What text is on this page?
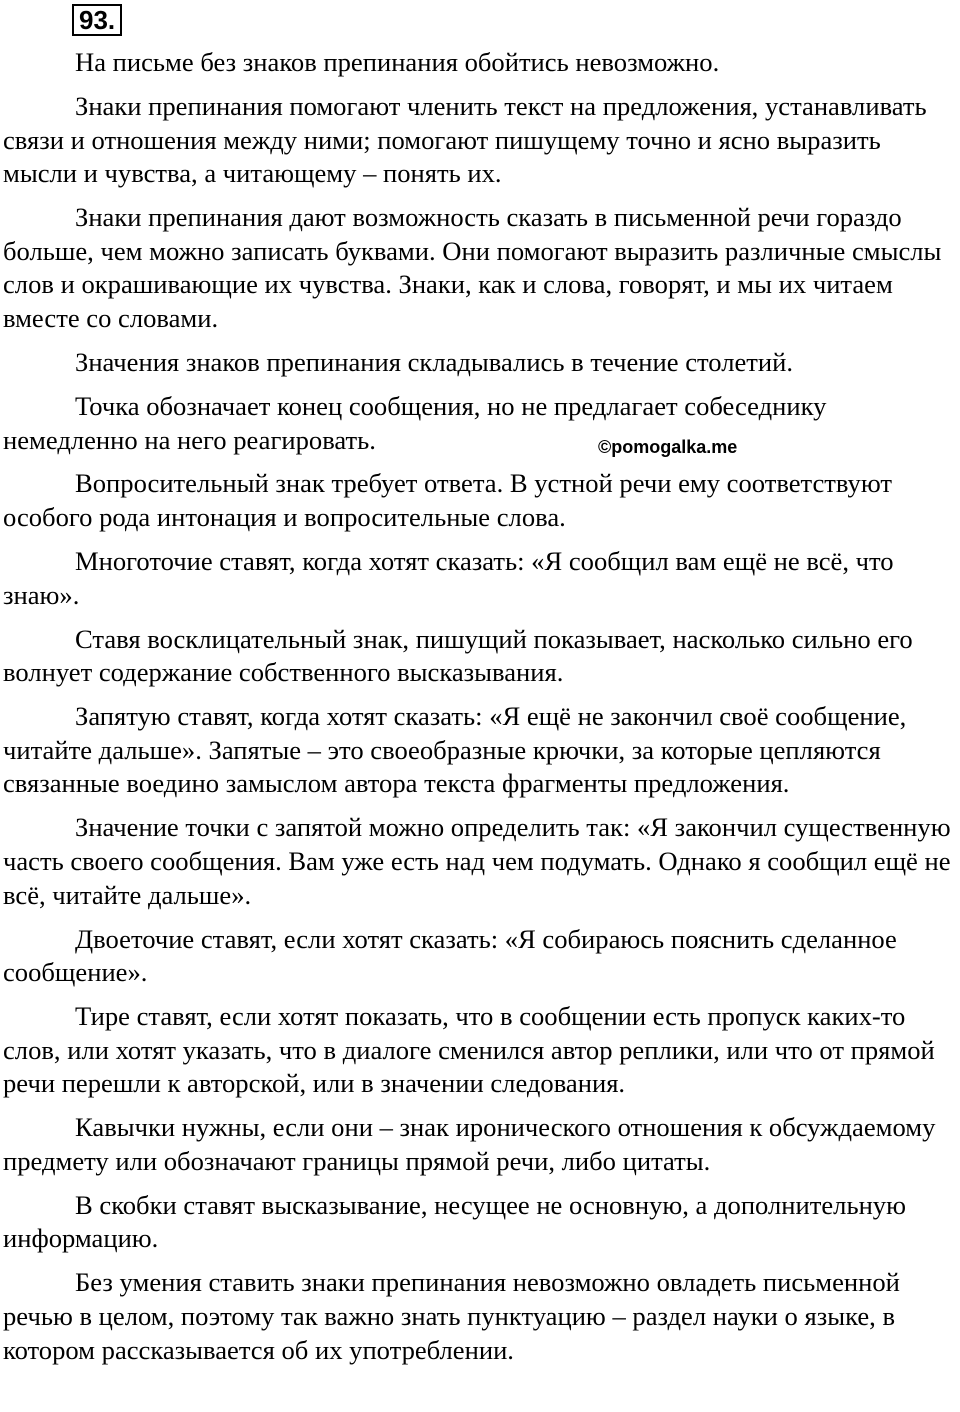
93.

На письме без знаков препинания обойтись невозможно.

Знаки препинания помогают членить текст на предложения, устанавливать связи и отношения между ними; помогают пишущему точно и ясно выразить мысли и чувства, а читающему – понять их.

Знаки препинания дают возможность сказать в письменной речи гораздо больше, чем можно записать буквами. Они помогают выразить различные смыслы слов и окрашивающие их чувства. Знаки, как и слова, говорят, и мы их читаем вместе со словами.

Значения знаков препинания складывались в течение столетий.

Точка обозначает конец сообщения, но не предлагает собеседнику немедленно на него реагировать.

Вопросительный знак требует ответа. В устной речи ему соответствуют особого рода интонация и вопросительные слова.

Многоточие ставят, когда хотят сказать: «Я сообщил вам ещё не всё, что знаю».

Ставя восклицательный знак, пишущий показывает, насколько сильно его волнует содержание собственного высказывания.

Запятую ставят, когда хотят сказать: «Я ещё не закончил своё сообщение, читайте дальше». Запятые – это своеобразные крючки, за которые цепляются связанные воедино замыслом автора текста фрагменты предложения.

Значение точки с запятой можно определить так: «Я закончил существенную часть своего сообщения. Вам уже есть над чем подумать. Однако я сообщил ещё не всё, читайте дальше».

Двоеточие ставят, если хотят сказать: «Я собираюсь пояснить сделанное сообщение».

Тире ставят, если хотят показать, что в сообщении есть пропуск каких-то слов, или хотят указать, что в диалоге сменился автор реплики, или что от прямой речи перешли к авторской, или в значении следования.

Кавычки нужны, если они – знак иронического отношения к обсуждаемому предмету или обозначают границы прямой речи, либо цитаты.

В скобки ставят высказывание, несущее не основную, а дополнительную информацию.

Без умения ставить знаки препинания невозможно овладеть письменной речью в целом, поэтому так важно знать пунктуацию – раздел науки о языке, в котором рассказывается об их употреблении.

©pomogalka.me
